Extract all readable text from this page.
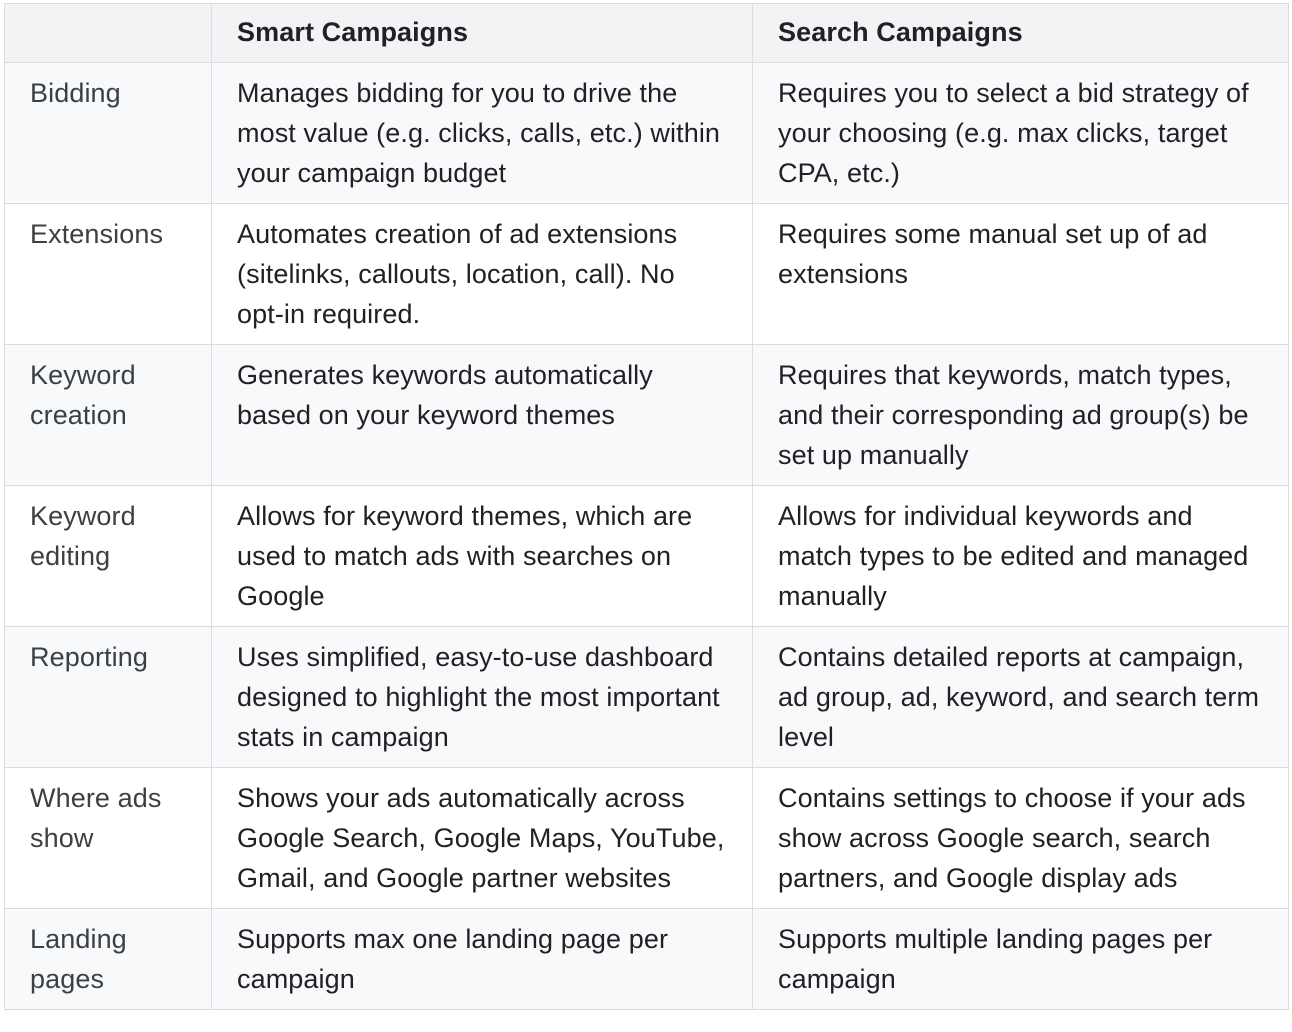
	Smart Campaigns	Search Campaigns
Bidding	Manages bidding for you to drive the most value (e.g. clicks, calls, etc.) within your campaign budget	Requires you to select a bid strategy of your choosing (e.g. max clicks, target CPA, etc.)
Extensions	Automates creation of ad extensions (sitelinks, callouts, location, call). No opt-in required.	Requires some manual set up of ad extensions
Keyword creation	Generates keywords automatically based on your keyword themes	Requires that keywords, match types, and their corresponding ad group(s) be set up manually
Keyword editing	Allows for keyword themes, which are used to match ads with searches on Google	Allows for individual keywords and match types to be edited and managed manually
Reporting	Uses simplified, easy-to-use dashboard designed to highlight the most important stats in campaign	Contains detailed reports at campaign, ad group, ad, keyword, and search term level
Where ads show	Shows your ads automatically across Google Search, Google Maps, YouTube, Gmail, and Google partner websites	Contains settings to choose if your ads show across Google search, search partners, and Google display ads
Landing pages	Supports max one landing page per campaign	Supports multiple landing pages per campaign
